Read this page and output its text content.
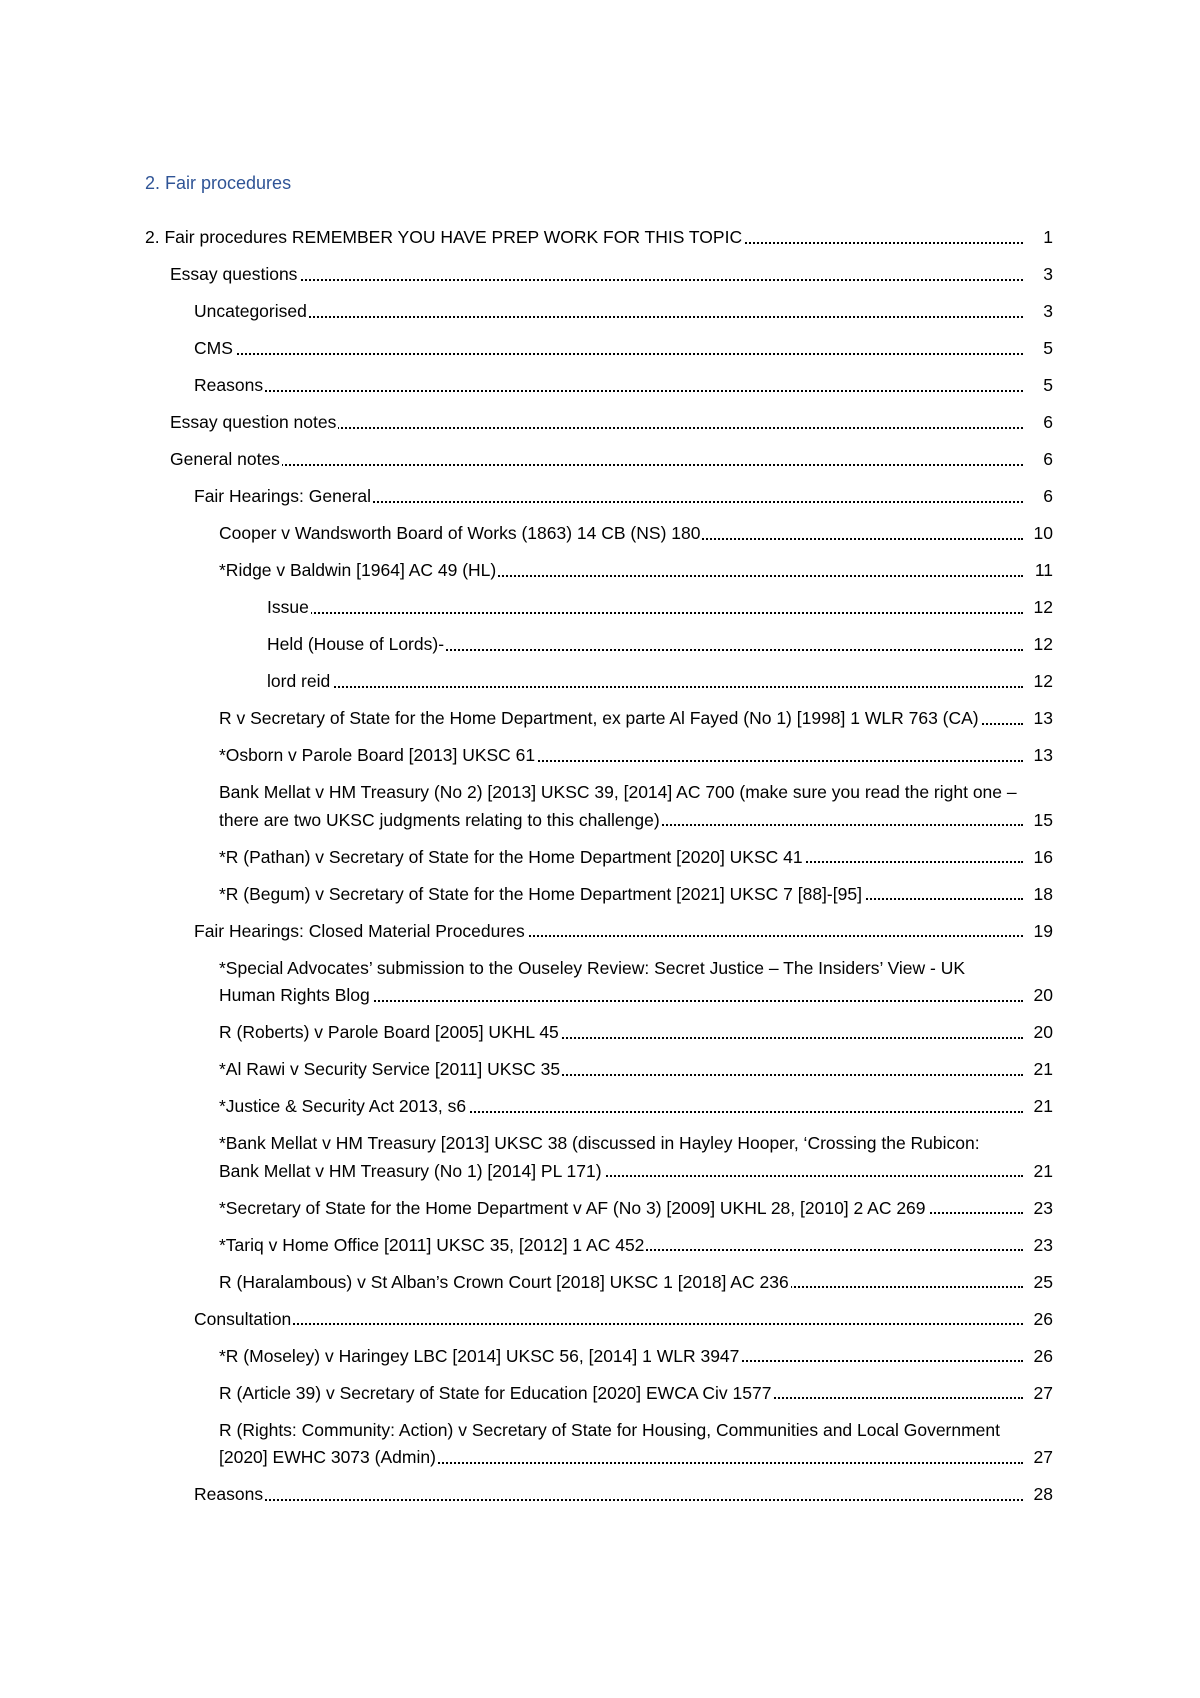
2. Fair procedures
2. Fair procedures REMEMBER YOU HAVE PREP WORK FOR THIS TOPIC	1
Essay questions	3
Uncategorised	3
CMS	5
Reasons	5
Essay question notes	6
General notes	6
Fair Hearings: General	6
Cooper v Wandsworth Board of Works (1863) 14 CB (NS) 180	10
*Ridge v Baldwin [1964] AC 49 (HL)	11
Issue	12
Held (House of Lords)-	12
lord reid	12
R v Secretary of State for the Home Department, ex parte Al Fayed (No 1) [1998] 1 WLR 763 (CA)	13
*Osborn v Parole Board [2013] UKSC 61	13
Bank Mellat v HM Treasury (No 2) [2013] UKSC 39, [2014] AC 700 (make sure you read the right one – there are two UKSC judgments relating to this challenge)	15
*R (Pathan) v Secretary of State for the Home Department [2020] UKSC 41	16
*R (Begum) v Secretary of State for the Home Department [2021] UKSC 7 [88]-[95]	18
Fair Hearings: Closed Material Procedures	19
*Special Advocates’ submission to the Ouseley Review: Secret Justice – The Insiders’ View - UK Human Rights Blog	20
R (Roberts) v Parole Board [2005] UKHL 45	20
*Al Rawi v Security Service [2011] UKSC 35	21
*Justice & Security Act 2013, s6	21
*Bank Mellat v HM Treasury [2013] UKSC 38 (discussed in Hayley Hooper, ‘Crossing the Rubicon: Bank Mellat v HM Treasury (No 1) [2014] PL 171)	21
*Secretary of State for the Home Department v AF (No 3) [2009] UKHL 28, [2010] 2 AC 269	23
*Tariq v Home Office [2011] UKSC 35, [2012] 1 AC 452	23
R (Haralambous) v St Alban’s Crown Court [2018] UKSC 1 [2018] AC 236	25
Consultation	26
*R (Moseley) v Haringey LBC [2014] UKSC 56, [2014] 1 WLR 3947	26
R (Article 39) v Secretary of State for Education [2020] EWCA Civ 1577	27
R (Rights: Community: Action) v Secretary of State for Housing, Communities and Local Government [2020] EWHC 3073 (Admin)	27
Reasons	28
